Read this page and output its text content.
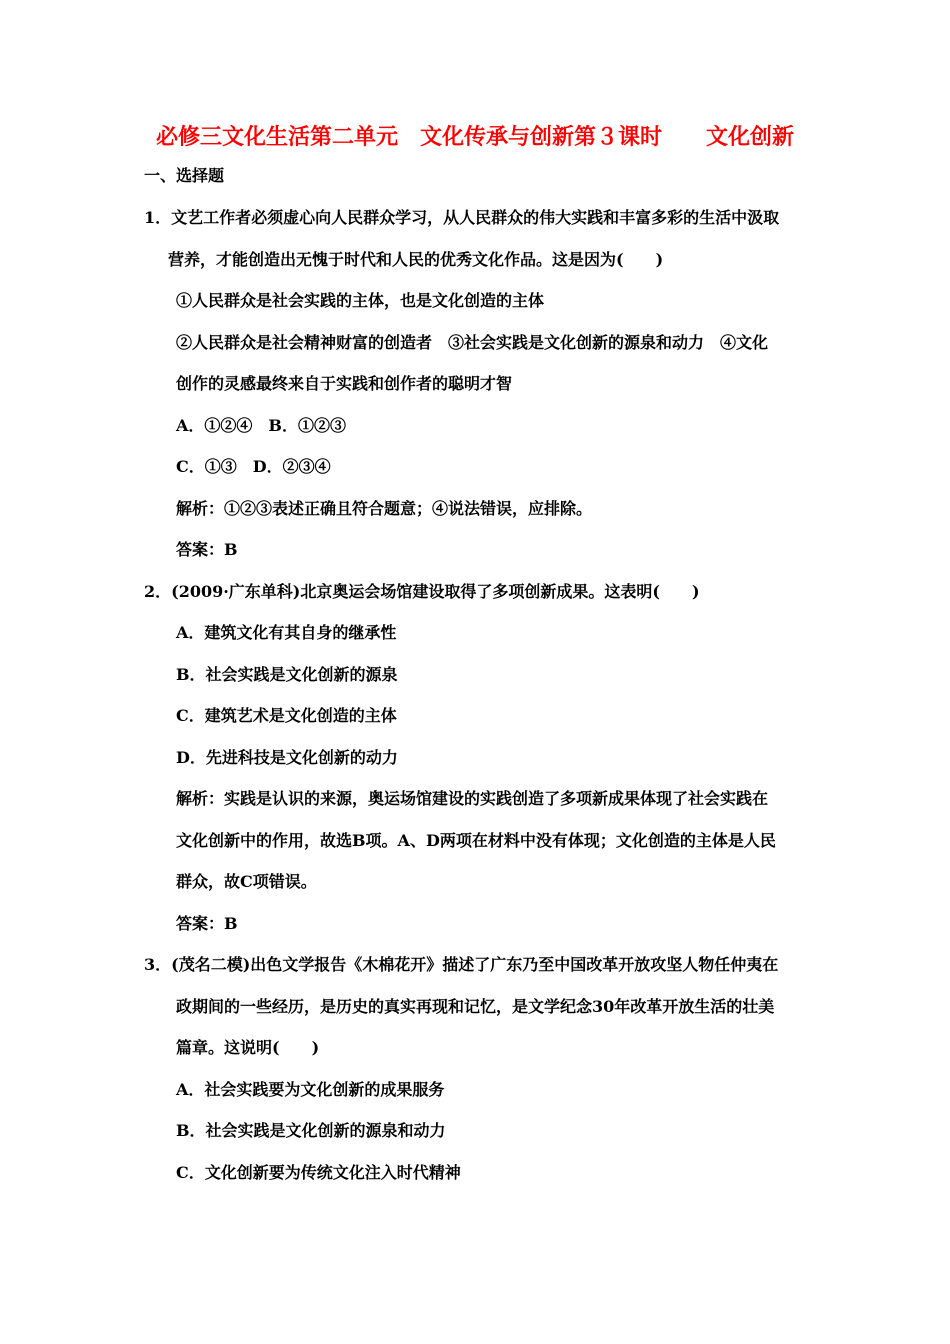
必修三文化生活第二单元　文化传承与创新第３课时　　文化创新
一、选择题
1．文艺工作者必须虚心向人民群众学习，从人民群众的伟大实践和丰富多彩的生活中汲取
营养，才能创造出无愧于时代和人民的优秀文化作品。这是因为(　　)
①人民群众是社会实践的主体，也是文化创造的主体
②人民群众是社会精神财富的创造者　③社会实践是文化创新的源泉和动力　④文化
创作的灵感最终来自于实践和创作者的聪明才智
A．①②④　B．①②③
C．①③　D．②③④
解析：①②③表述正确且符合题意；④说法错误，应排除。
答案：B
2．(2009·广东单科)北京奥运会场馆建设取得了多项创新成果。这表明(　　)
A．建筑文化有其自身的继承性
B．社会实践是文化创新的源泉
C．建筑艺术是文化创造的主体
D．先进科技是文化创新的动力
解析：实践是认识的来源，奥运场馆建设的实践创造了多项新成果体现了社会实践在
文化创新中的作用，故选B项。A、D两项在材料中没有体现；文化创造的主体是人民
群众，故C项错误。
答案：B
3．(茂名二模)出色文学报告《木棉花开》描述了广东乃至中国改革开放攻坚人物任仲夷在
政期间的一些经历，是历史的真实再现和记忆，是文学纪念30年改革开放生活的壮美
篇章。这说明(　　)
A．社会实践要为文化创新的成果服务
B．社会实践是文化创新的源泉和动力
C．文化创新要为传统文化注入时代精神
